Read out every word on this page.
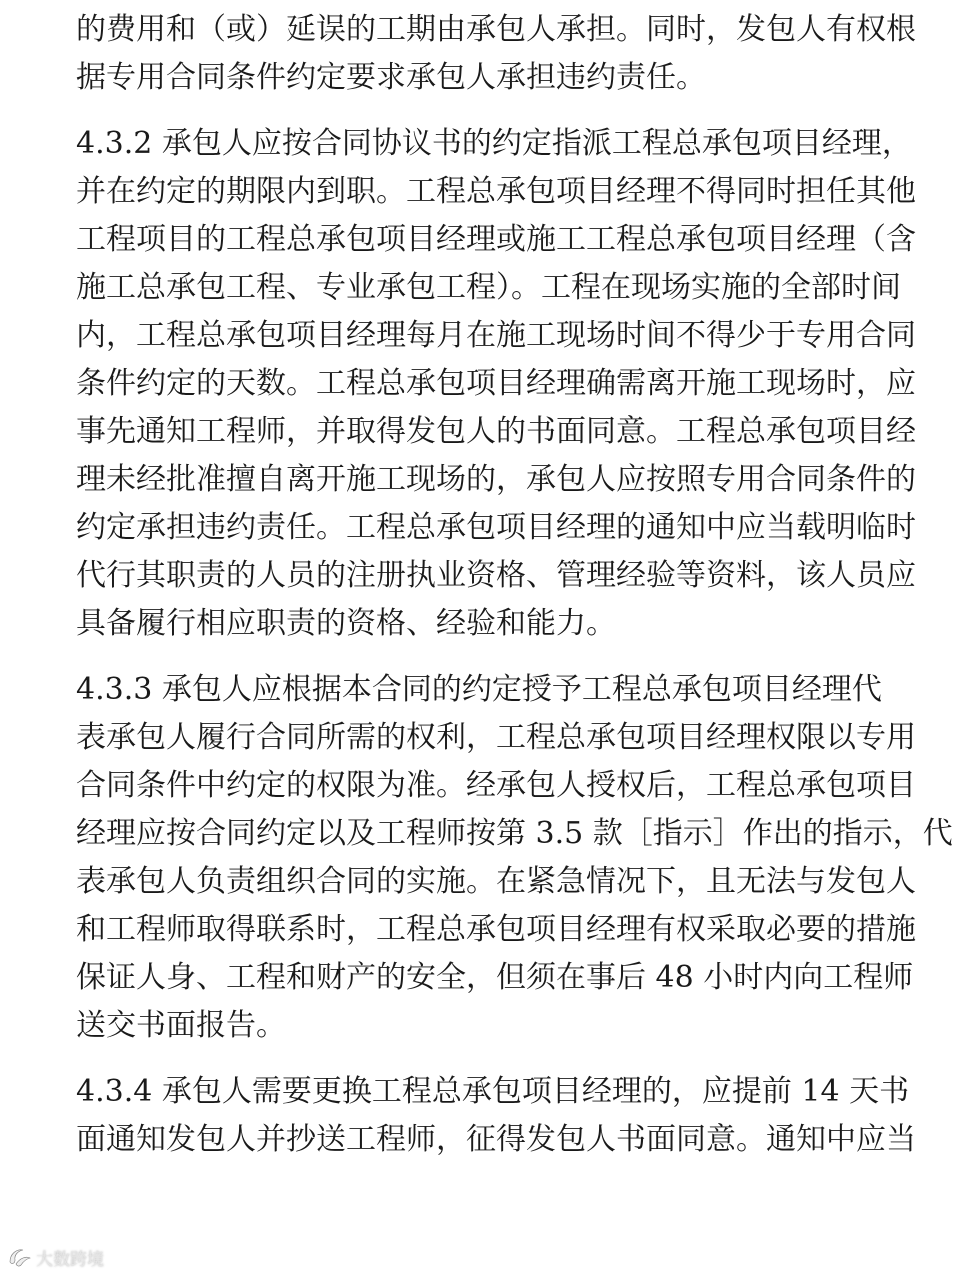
的费用和（或）延误的工期由承包人承担。同时，发包人有权根
据专用合同条件约定要求承包人承担违约责任。
4.3.2 承包人应按合同协议书的约定指派工程总承包项目经理，
并在约定的期限内到职。工程总承包项目经理不得同时担任其他
工程项目的工程总承包项目经理或施工工程总承包项目经理（含
施工总承包工程、专业承包工程）。工程在现场实施的全部时间
内，工程总承包项目经理每月在施工现场时间不得少于专用合同
条件约定的天数。工程总承包项目经理确需离开施工现场时，应
事先通知工程师，并取得发包人的书面同意。工程总承包项目经
理未经批准擅自离开施工现场的，承包人应按照专用合同条件的
约定承担违约责任。工程总承包项目经理的通知中应当载明临时
代行其职责的人员的注册执业资格、管理经验等资料，该人员应
具备履行相应职责的资格、经验和能力。
4.3.3 承包人应根据本合同的约定授予工程总承包项目经理代
表承包人履行合同所需的权利，工程总承包项目经理权限以专用
合同条件中约定的权限为准。经承包人授权后，工程总承包项目
经理应按合同约定以及工程师按第 3.5 款［指示］作出的指示，代
表承包人负责组织合同的实施。在紧急情况下，且无法与发包人
和工程师取得联系时，工程总承包项目经理有权采取必要的措施
保证人身、工程和财产的安全，但须在事后 48 小时内向工程师
送交书面报告。
4.3.4 承包人需要更换工程总承包项目经理的，应提前 14 天书
面通知发包人并抄送工程师，征得发包人书面同意。通知中应当
大数跨境
